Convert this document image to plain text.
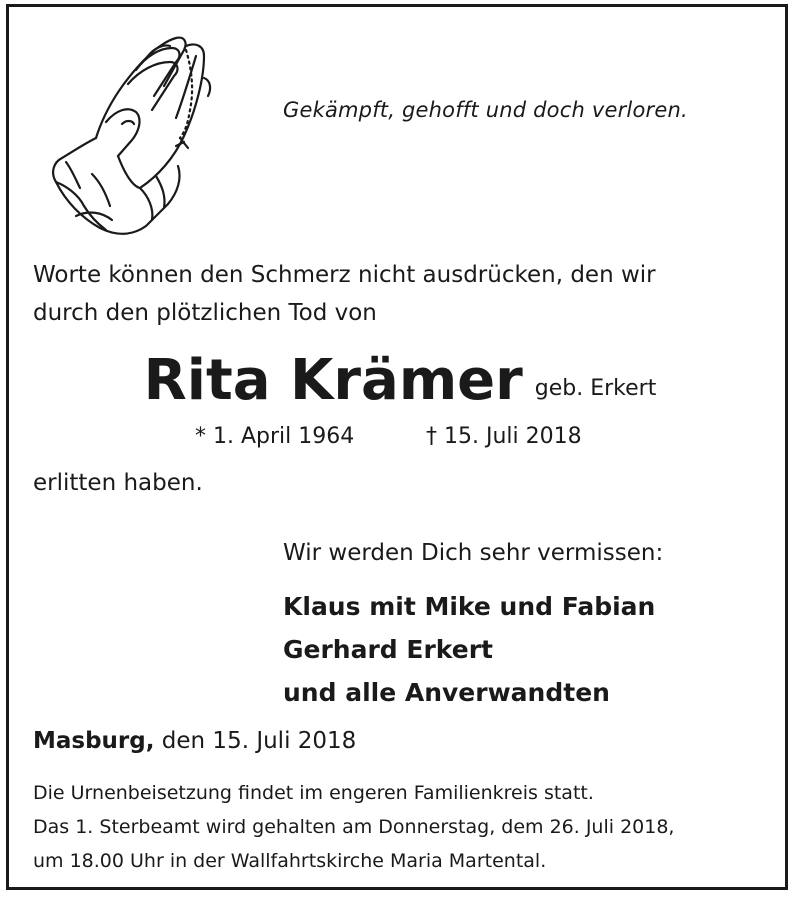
Gekämpft, gehofft und doch verloren.
Worte können den Schmerz nicht ausdrücken, den wir
durch den plötzlichen Tod von
Rita Krämer geb. Erkert
* 1. April 1964	† 15. Juli 2018
erlitten haben.
Wir werden Dich sehr vermissen:
Klaus mit Mike und Fabian
Gerhard Erkert
und alle Anverwandten
Masburg, den 15. Juli 2018
Die Urnenbeisetzung findet im engeren Familienkreis statt.
Das 1. Sterbeamt wird gehalten am Donnerstag, dem 26. Juli 2018,
um 18.00 Uhr in der Wallfahrtskirche Maria Martental.
